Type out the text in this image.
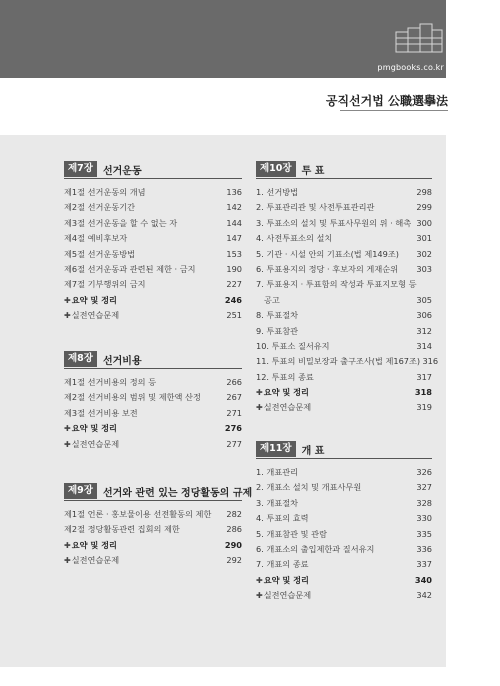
pmgbooks.co.kr
공직선거법 公職選擧法
제7장	선거운동
제1절 선거운동의 개념	136
제2절 선거운동기간	142
제3절 선거운동을 할 수 없는 자	144
제4절 예비후보자	147
제5절 선거운동방법	153
제6절 선거운동과 관련된 제한 · 금지	190
제7절 기부행위의 금지	227
✚요약 및 정리	246
✚실전연습문제	251
제8장	선거비용
제1절 선거비용의 정의 등	266
제2절 선거비용의 범위 및 제한액 산정	267
제3절 선거비용 보전	271
✚요약 및 정리	276
✚실전연습문제	277
제9장	선거와 관련 있는 정당활동의 규제
제1절 언론 · 홍보물이용 선전활동의 제한 282
제2절 정당활동관련 집회의 제한	286
✚요약 및 정리	290
✚실전연습문제	292
제10장	투 표
1. 선거방법	298
2. 투표관리관 및 사전투표관리관	299
3. 투표소의 설치 및 투표사무원의 위 · 해촉 300
4. 사전투표소의 설치	301
5. 기관 · 시설 안의 기표소(법 제149조) 302
6. 투표용지의 정당 · 후보자의 게재순위 303
7. 투표용지 · 투표함의 작성과 투표지모형 등
공고	305
8. 투표절차	306
9. 투표참관	312
10. 투표소 질서유지	314
11. 투표의 비밀보장과 출구조사(법 제167조) 316
12. 투표의 종료	317
✚요약 및 정리	318
✚실전연습문제	319
제11장	개 표
1. 개표관리	326
2. 개표소 설치 및 개표사무원	327
3. 개표절차	328
4. 투표의 효력	330
5. 개표참관 및 관람	335
6. 개표소의 출입제한과 질서유지	336
7. 개표의 종료	337
✚요약 및 정리	340
✚실전연습문제	342
